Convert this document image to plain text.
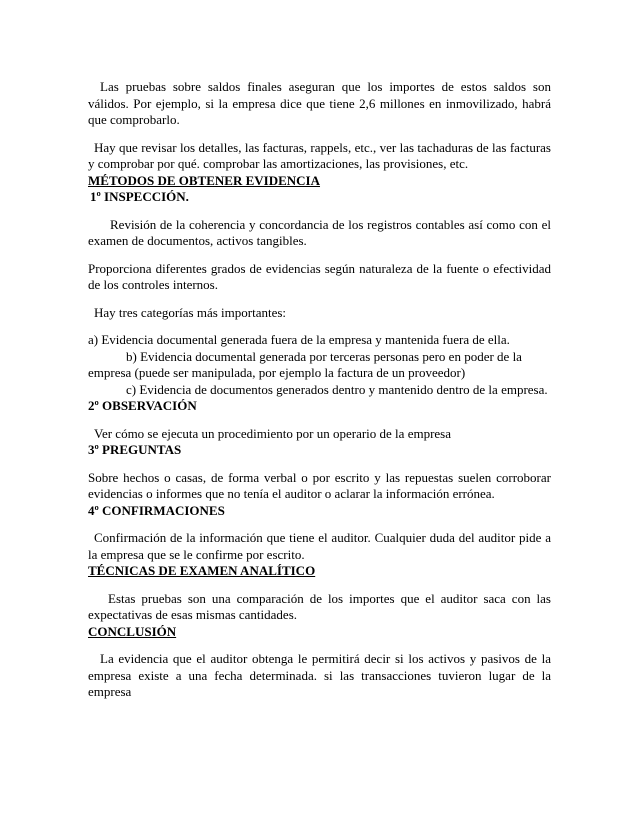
Las pruebas sobre saldos finales aseguran que los importes de estos saldos son válidos. Por ejemplo, si la empresa dice que tiene 2,6 millones en inmovilizado, habrá que comprobarlo.

Hay que revisar los detalles, las facturas, rappels, etc., ver las tachaduras de las facturas y comprobar por qué. comprobar las amortizaciones, las provisiones, etc.

MÉTODOS DE OBTENER EVIDENCIA

1º INSPECCIÓN.

Revisión de la coherencia y concordancia de los registros contables así como con el examen de documentos, activos tangibles.

Proporciona diferentes grados de evidencias según naturaleza de la fuente o efectividad de los controles internos.

Hay tres categorías más importantes:

a) Evidencia documental generada fuera de la empresa y mantenida fuera de ella.

b) Evidencia documental generada por terceras personas pero en poder de la

empresa (puede ser manipulada, por ejemplo la factura de un proveedor)

c) Evidencia de documentos generados dentro y mantenido dentro de la empresa.

2º OBSERVACIÓN

Ver cómo se ejecuta un procedimiento por un operario de la empresa

3º PREGUNTAS

Sobre hechos o casas, de forma verbal o por escrito y las repuestas suelen corroborar evidencias o informes que no tenía el auditor o aclarar la información errónea.

4º CONFIRMACIONES

Confirmación de la información que tiene el auditor. Cualquier duda del auditor pide a la empresa que se le confirme por escrito.

TÉCNICAS DE EXAMEN ANALÍTICO

Estas pruebas son una comparación de los importes que el auditor saca con las expectativas de esas mismas cantidades.

CONCLUSIÓN

La evidencia que el auditor obtenga le permitirá decir si los activos y pasivos de la empresa existe a una fecha determinada. si las transacciones tuvieron lugar de la empresa
